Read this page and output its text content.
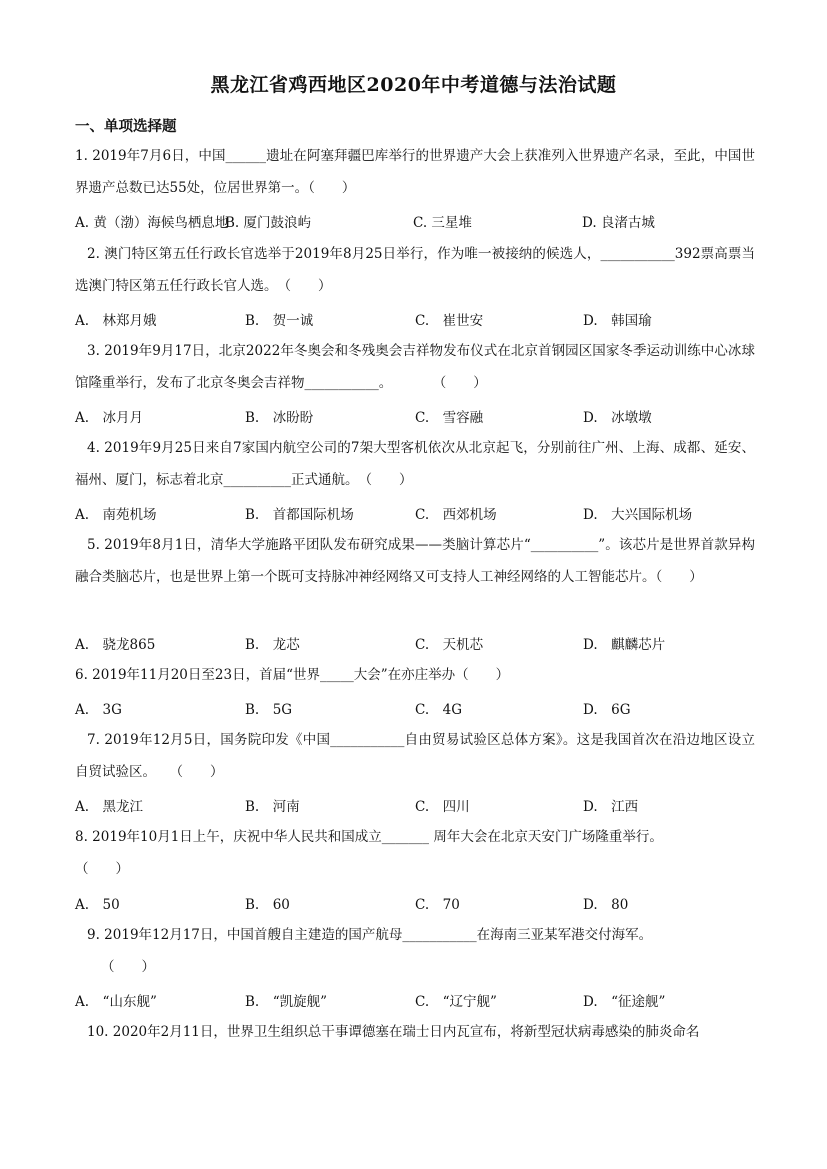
黑龙江省鸡西地区2020年中考道德与法治试题
一、单项选择题
1. 2019年7月6日，中国______遗址在阿塞拜疆巴库举行的世界遗产大会上获准列入世界遗产名录，至此，中国世界遗产总数已达55处，位居世界第一。（　　）
A. 黄（渤）海候鸟栖息地
B. 厦门鼓浪屿	C. 三星堆	D. 良渚古城
2. 澳门特区第五任行政长官选举于2019年8月25日举行，作为唯一被接纳的候选人，___________392票高票当选澳门特区第五任行政长官人选。　（　　）
A.　林郑月娥	B.　贺一诚	C.　崔世安	D.　韩国瑜
3. 2019年9月17日，北京2022年冬奥会和冬残奥会吉祥物发布仪式在北京首钢园区国家冬季运动训练中心冰球馆隆重举行，发布了北京冬奥会吉祥物___________。　　　　（　　）
A.　冰月月	B.　冰盼盼	C.　雪容融	D.　冰墩墩
4. 2019年9月25日来自7家国内航空公司的7架大型客机依次从北京起飞，分别前往广州、上海、成都、延安、福州、厦门，标志着北京__________正式通航。　（　　）
A.　南苑机场	B.　首都国际机场	C.　西郊机场	D.　大兴国际机场
5. 2019年8月1日，清华大学施路平团队发布研究成果——类脑计算芯片“__________”。该芯片是世界首款异构融合类脑芯片，也是世界上第一个既可支持脉冲神经网络又可支持人工神经网络的人工智能芯片。（　　）
A.　骁龙865	B.　龙芯	C.　天机芯	D.　麒麟芯片
6. 2019年11月20日至23日，首届“世界_____大会”在亦庄举办（　　）
A.　3G	B.　5G	C.　4G	D.　6G
7. 2019年12月5日，国务院印发《中国___________自由贸易试验区总体方案》。这是我国首次在沿边地区设立自贸试验区。　　（　　）
A.　黑龙江	B.　河南	C.　四川	D.　江西
8. 2019年10月1日上午，庆祝中华人民共和国成立_______ 周年大会在北京天安门广场隆重举行。
（　　）
A.　50	B.　60	C.　70	D.　80
9. 2019年12月17日，中国首艘自主建造的国产航母___________在海南三亚某军港交付海军。
（　　）
A.　“山东舰”	B.　“凯旋舰”	C.　“辽宁舰”	D.　“征途舰”
10. 2020年2月11日，世界卫生组织总干事谭德塞在瑞士日内瓦宣布，将新型冠状病毒感染的肺炎命名
